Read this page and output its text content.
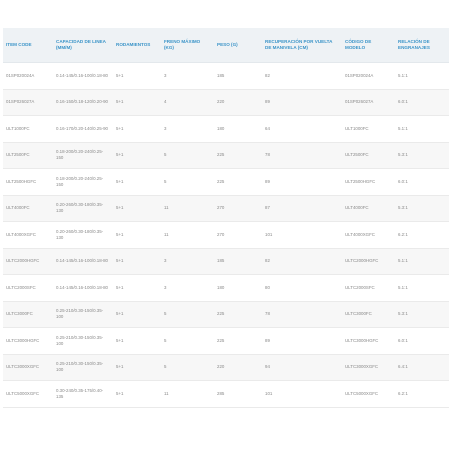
ITEM CODE	CAPACIDAD DE LINEA (MM/M)	RODAMIENTOS	FRENO MÁXIMO (KG)	PESO (G)	RECUPERACIÓN POR VUELTA DE MANIVELA (CM)	CÓDIGO DE MODELO	RELACIÓN DE ENGRANAJES
01SP020024A	0.14-145/0.16-100/0.18-80	5+1	3	185	82	01SP020024A	5.1:1
01SP026027A	0.16-150/0.18-120/0.20-90	5+1	4	220	89	01SP026027A	6.0:1
ULT1000FC	0.16-170/0.20-140/0.25-90	5+1	3	180	64	ULT1000FC	5.1:1
ULT2500FC	0.18-200/0.20-240/0.25-150	5+1	5	225	78	ULT2500FC	5.3:1
ULT2500HGFC	0.18-200/0.20-240/0.25-150	5+1	5	225	89	ULT2500HGFC	6.0:1
ULT4000FC	0.20-260/0.30-180/0.35-130	5+1	11	270	87	ULT4000FC	5.3:1
ULT4000XGFC	0.20-260/0.30-180/0.35-130	5+1	11	270	101	ULT4000XGFC	6.2:1
ULTC2000HGFC	0.14-145/0.16-100/0.18-80	5+1	3	185	82	ULTC2000HGFC	5.1:1
ULTC2000SFC	0.14-145/0.16-100/0.18-80	5+1	3	180	80	ULTC2000SFC	5.1:1
ULTC3000FC	0.25-210/0.30-150/0.35-100	5+1	5	225	78	ULTC3000FC	5.3:1
ULTC3000HGFC	0.25-210/0.30-150/0.35-100	5+1	5	225	89	ULTC3000HGFC	6.0:1
ULTC3000XGFC	0.25-210/0.30-150/0.35-100	5+1	5	220	94	ULTC3000XGFC	6.4:1
ULTC5000XGFC	0.30-240/0.35-175/0.40-135	5+1	11	285	101	ULTC5000XGFC	6.2:1
